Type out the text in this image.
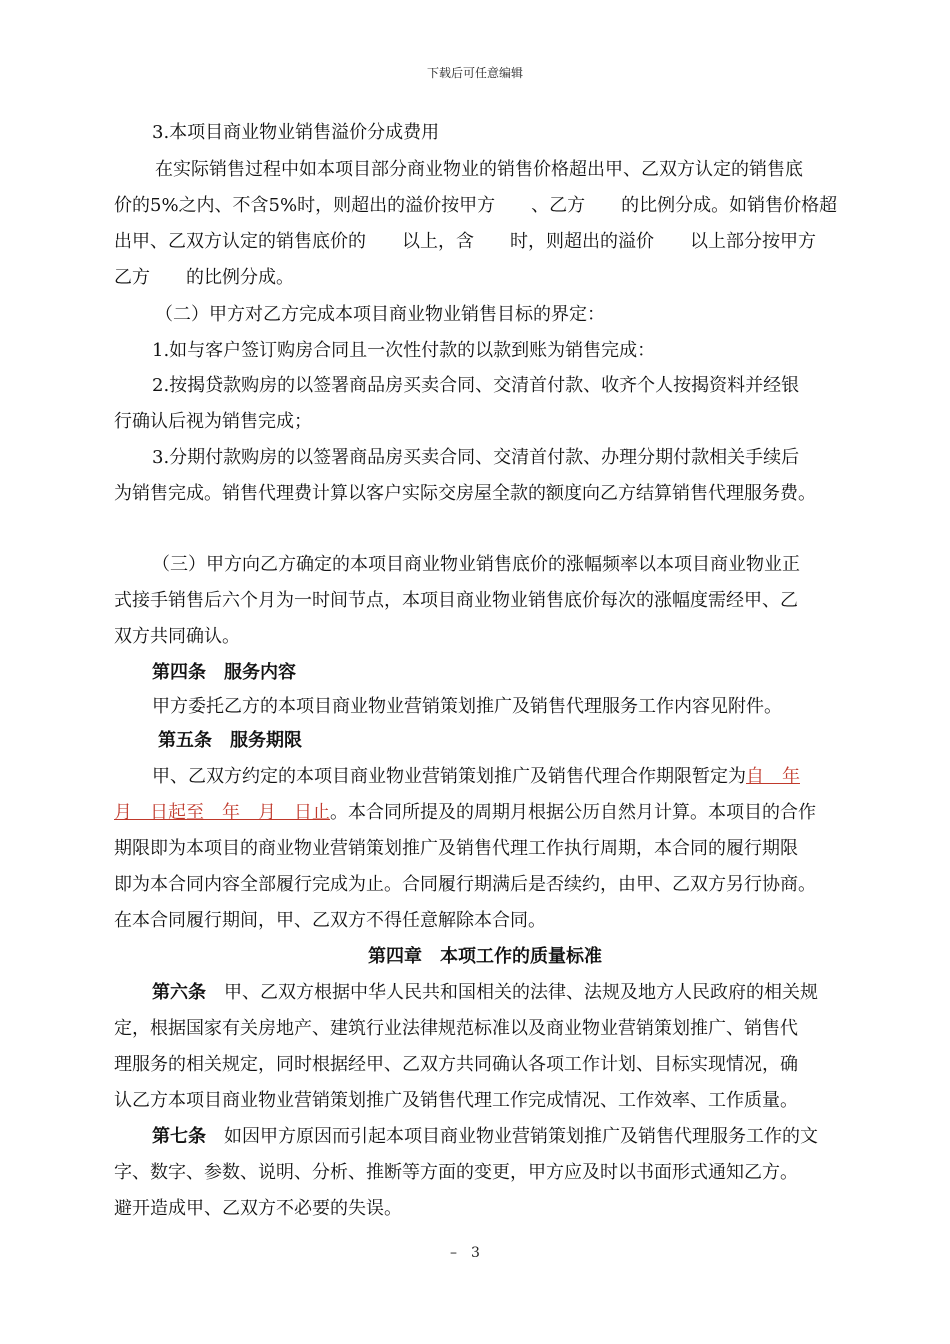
下载后可任意编辑
3.本项目商业物业销售溢价分成费用
在实际销售过程中如本项目部分商业物业的销售价格超出甲、乙双方认定的销售底
价的5%之内、不含5%时，则超出的溢价按甲方　　、乙方　　的比例分成。如销售价格超
出甲、乙双方认定的销售底价的　　以上，含　　时，则超出的溢价　　以上部分按甲方
乙方　　的比例分成。
（二）甲方对乙方完成本项目商业物业销售目标的界定：
1.如与客户签订购房合同且一次性付款的以款到账为销售完成：
2.按揭贷款购房的以签署商品房买卖合同、交清首付款、收齐个人按揭资料并经银
行确认后视为销售完成；
3.分期付款购房的以签署商品房买卖合同、交清首付款、办理分期付款相关手续后
为销售完成。销售代理费计算以客户实际交房屋全款的额度向乙方结算销售代理服务费。
（三）甲方向乙方确定的本项目商业物业销售底价的涨幅频率以本项目商业物业正
式接手销售后六个月为一时间节点，本项目商业物业销售底价每次的涨幅度需经甲、乙
双方共同确认。
第四条　服务内容
甲方委托乙方的本项目商业物业营销策划推广及销售代理服务工作内容见附件。
第五条　服务期限
甲、乙双方约定的本项目商业物业营销策划推广及销售代理合作期限暂定为自　年
月　日起至　年　月　日止。本合同所提及的周期月根据公历自然月计算。本项目的合作
期限即为本项目的商业物业营销策划推广及销售代理工作执行周期，本合同的履行期限
即为本合同内容全部履行完成为止。合同履行期满后是否续约，由甲、乙双方另行协商。
在本合同履行期间，甲、乙双方不得任意解除本合同。
第四章　本项工作的质量标准
第六条　甲、乙双方根据中华人民共和国相关的法律、法规及地方人民政府的相关规
定，根据国家有关房地产、建筑行业法律规范标准以及商业物业营销策划推广、销售代
理服务的相关规定，同时根据经甲、乙双方共同确认各项工作计划、目标实现情况，确
认乙方本项目商业物业营销策划推广及销售代理工作完成情况、工作效率、工作质量。
第七条　如因甲方原因而引起本项目商业物业营销策划推广及销售代理服务工作的文
字、数字、参数、说明、分析、推断等方面的变更，甲方应及时以书面形式通知乙方。
避开造成甲、乙双方不必要的失误。
–　3
